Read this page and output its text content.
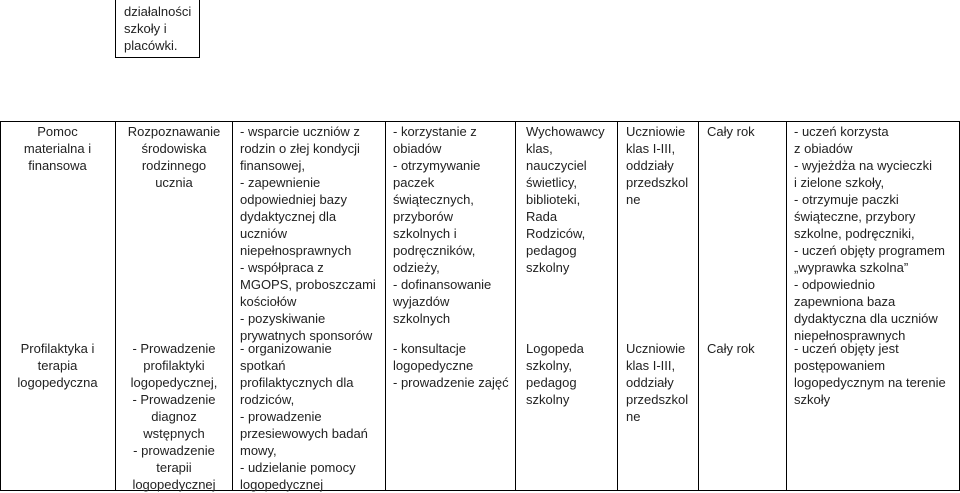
działalności
szkoły i
placówki.
Pomoc
materialna i
finansowa
Rozpoznawanie
środowiska
rodzinnego
ucznia
- wsparcie uczniów z
rodzin o złej kondycji
finansowej,
- zapewnienie
odpowiedniej bazy
dydaktycznej dla
uczniów
niepełnosprawnych
- współpraca z
MGOPS, proboszczami
kościołów
- pozyskiwanie
prywatnych sponsorów
- korzystanie z
obiadów
- otrzymywanie
paczek
świątecznych,
przyborów
szkolnych i
podręczników,
odzieży,
- dofinansowanie
wyjazdów
szkolnych
Wychowawcy
klas,
nauczyciel
świetlicy,
biblioteki,
Rada
Rodziców,
pedagog
szkolny
Uczniowie
klas I-III,
oddziały
przedszkol
ne
Cały rok	- uczeń korzysta
z obiadów
- wyjeżdża na wycieczki
i zielone szkoły,
- otrzymuje paczki
świąteczne, przybory
szkolne, podręczniki,
- uczeń objęty programem
„wyprawka szkolna”
- odpowiednio
zapewniona baza
dydaktyczna dla uczniów
niepełnosprawnych
Profilaktyka i
terapia
logopedyczna
- Prowadzenie
profilaktyki
logopedycznej,
- Prowadzenie
diagnoz
wstępnych
- prowadzenie
terapii
logopedycznej
- organizowanie
spotkań
profilaktycznych dla
rodziców,
- prowadzenie
przesiewowych badań
mowy,
- udzielanie pomocy
logopedycznej
- konsultacje
logopedyczne
- prowadzenie zajęć
Logopeda
szkolny,
pedagog
szkolny
Uczniowie
klas I-III,
oddziały
przedszkol
ne
Cały rok	- uczeń objęty jest
postępowaniem
logopedycznym na terenie
szkoły
